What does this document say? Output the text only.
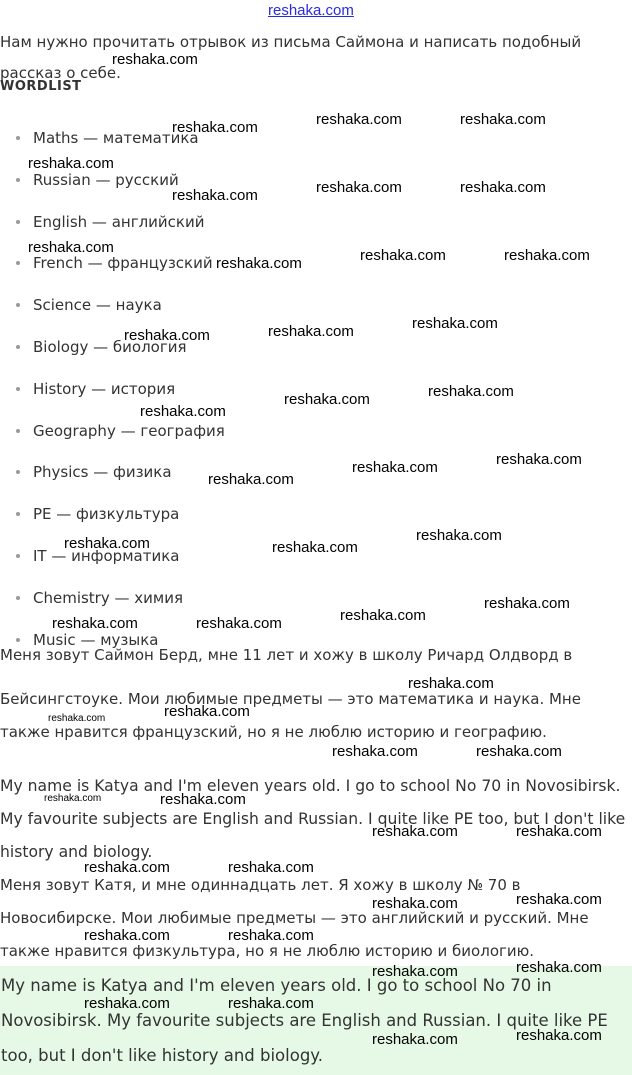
reshaka.com
Нам нужно прочитать отрывок из письма Саймона и написать подобный рассказ о себе.
WORDLIST
Maths — математика
Russian — русский
English — английский
French — французский
Science — наука
Biology — биология
History — история
Geography — география
Physics — физика
PE — физкультура
IT — информатика
Chemistry — химия
Music — музыка
Меня зовут Саймон Берд, мне 11 лет и хожу в школу Ричард Олдворд в
Бейсингстоуке. Мои любимые предметы — это математика и наука. Мне также нравится французский, но я не люблю историю и географию.
My name is Katya and I'm eleven years old. I go to school No 70 in Novosibirsk. My favourite subjects are English and Russian. I quite like PE too, but I don't like history and biology.
Меня зовут Катя, и мне одиннадцать лет. Я хожу в школу № 70 в Новосибирске. Мои любимые предметы — это английский и русский. Мне также нравится физкультура, но я не люблю историю и биологию.
My name is Katya and I'm eleven years old. I go to school No 70 in Novosibirsk. My favourite subjects are English and Russian. I quite like PE too, but I don't like history and biology.
reshaka.com
reshaka.com	reshaka.com	reshaka.com
reshaka.com
reshaka.com	reshaka.com	reshaka.com
reshaka.com
reshaka.com	reshaka.com	reshaka.com
reshaka.com	reshaka.com	reshaka.com
reshaka.com
reshaka.com	reshaka.com
reshaka.com
reshaka.com	reshaka.com
reshaka.com	reshaka.com
reshaka.com
reshaka.com	reshaka.com	reshaka.com
reshaka.com
reshaka.com
reshaka.com	reshaka.com
reshaka.com	reshaka.com
reshaka.com	reshaka.com
reshaka.com	reshaka.com
reshaka.com	reshaka.com
reshaka.com	reshaka.com
reshaka.com	reshaka.com
reshaka.com	reshaka.com
reshaka.com	reshaka.com
reshaka.com	reshaka.com
